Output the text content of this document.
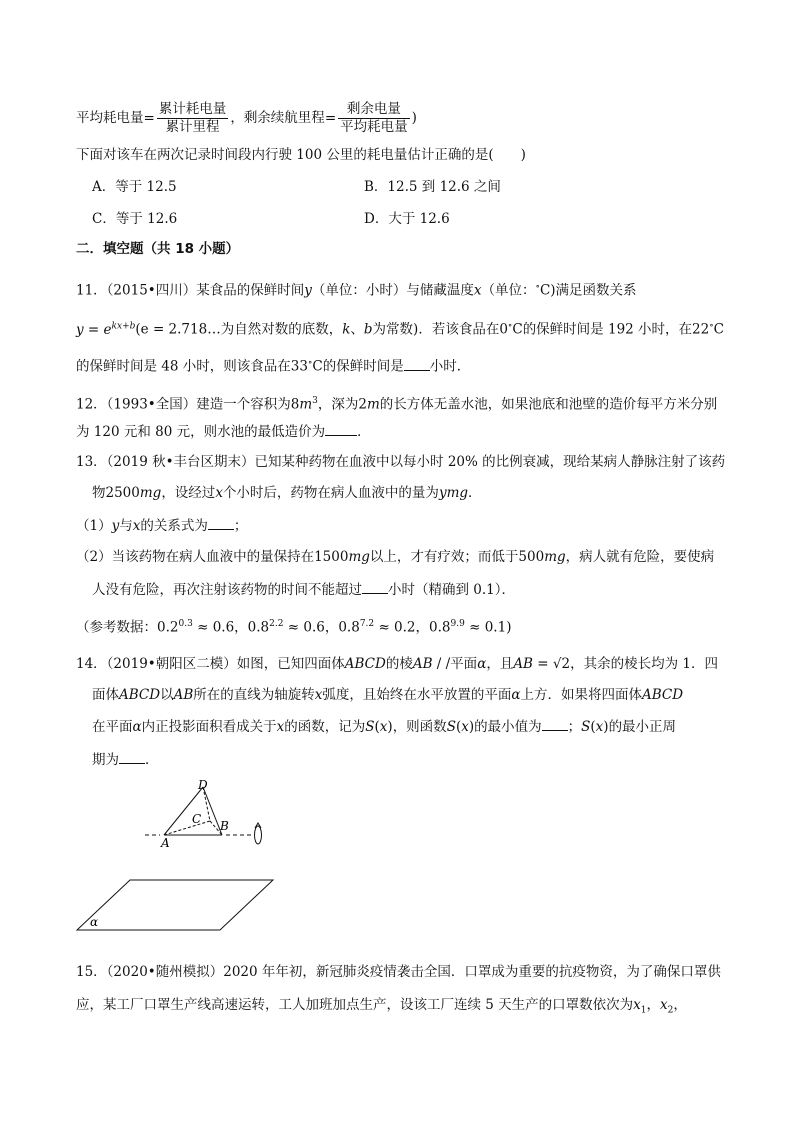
平均耗电量= $\frac{\text{累计耗电量}}{\text{累计里程}}$ ，剩余续航里程= $\frac{\text{剩余电量}}{\text{平均耗电量}}$ )
下面对该车在两次记录时间段内行驶 100 公里的耗电量估计正确的是(　　)
A．等于 12.5	B．12.5 到 12.6 之间
C．等于 12.6	D．大于 12.6
二．填空题（共 18 小题）
11．（2015•四川）某食品的保鲜时间y（单位：小时）与储藏温度x（单位：∘C)满足函数关系
$y = e^{kx+b}(e$ = 2.718…为自然对数的底数，k、b为常数)．若该食品在0∘C的保鲜时间是 192 小时，在22∘C
的保鲜时间是 48 小时，则该食品在33∘C的保鲜时间是 小时．
12．（1993•全国）建造一个容积为$8m^3$，深为2m的长方体无盖水池，如果池底和池壁的造价每平方米分别
为 120 元和 80 元，则水池的最低造价为 ．
13．（2019 秋•丰台区期末）已知某种药物在血液中以每小时 20% 的比例衰减，现给某病人静脉注射了该药
物2500mg，设经过x个小时后，药物在病人血液中的量为ymg．
（1）y与x的关系式为 ；
（2）当该药物在病人血液中的量保持在1500mg以上，才有疗效；而低于500mg，病人就有危险，要使病
人没有危险，再次注射该药物的时间不能超过 小时（精确到 0.1）．
（参考数据：$0.2^{0.3} \approx 0.6$，$0.8^{2.2} \approx 0.6$，$0.8^{7.2} \approx 0.2$，$0.8^{9.9} \approx 0.1$)
14．（2019•朝阳区二模）如图，已知四面体ABCD的棱AB / /平面α，且AB = √2，其余的棱长均为 1．四
面体ABCD以AB所在的直线为轴旋转x弧度，且始终在水平放置的平面α上方．如果将四面体ABCD
在平面α内正投影面积看成关于x的函数，记为S(x)，则函数S(x)的最小值为 ；S(x)的最小正周
期为 ．
D
C B
A
α
15．（2020•随州模拟）2020 年年初，新冠肺炎疫情袭击全国．口罩成为重要的抗疫物资，为了确保口罩供
应，某工厂口罩生产线高速运转，工人加班加点生产，设该工厂连续 5 天生产的口罩数依次为$x_1$，$x_2$，
